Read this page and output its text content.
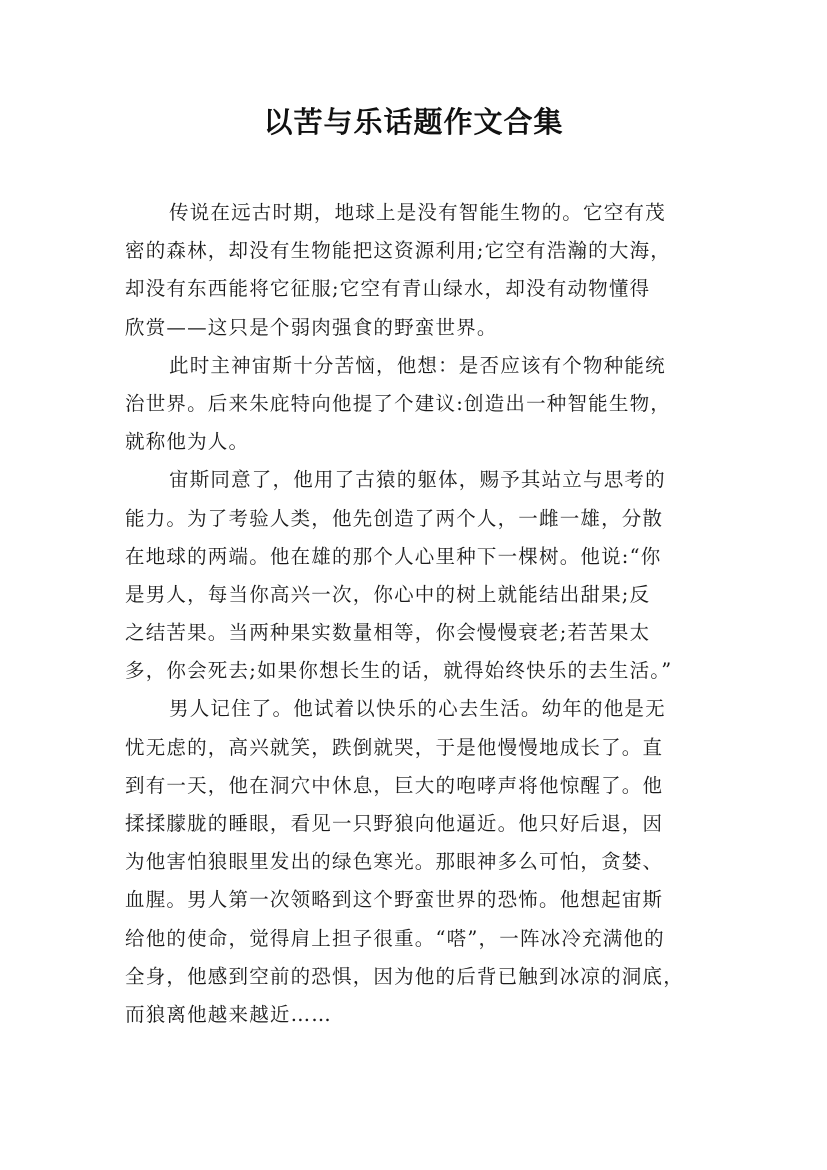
以苦与乐话题作文合集
传说在远古时期，地球上是没有智能生物的。它空有茂
密的森林，却没有生物能把这资源利用;它空有浩瀚的大海，
却没有东西能将它征服;它空有青山绿水，却没有动物懂得
欣赏——这只是个弱肉强食的野蛮世界。
此时主神宙斯十分苦恼，他想：是否应该有个物种能统
治世界。后来朱庇特向他提了个建议:创造出一种智能生物，
就称他为人。
宙斯同意了，他用了古猿的躯体，赐予其站立与思考的
能力。为了考验人类，他先创造了两个人，一雌一雄，分散
在地球的两端。他在雄的那个人心里种下一棵树。他说:“你
是男人，每当你高兴一次，你心中的树上就能结出甜果;反
之结苦果。当两种果实数量相等，你会慢慢衰老;若苦果太
多，你会死去;如果你想长生的话，就得始终快乐的去生活。”
男人记住了。他试着以快乐的心去生活。幼年的他是无
忧无虑的，高兴就笑，跌倒就哭，于是他慢慢地成长了。直
到有一天，他在洞穴中休息，巨大的咆哮声将他惊醒了。他
揉揉朦胧的睡眼，看见一只野狼向他逼近。他只好后退，因
为他害怕狼眼里发出的绿色寒光。那眼神多么可怕，贪婪、
血腥。男人第一次领略到这个野蛮世界的恐怖。他想起宙斯
给他的使命，觉得肩上担子很重。“嗒”，一阵冰冷充满他的
全身，他感到空前的恐惧，因为他的后背已触到冰凉的洞底，
而狼离他越来越近……
